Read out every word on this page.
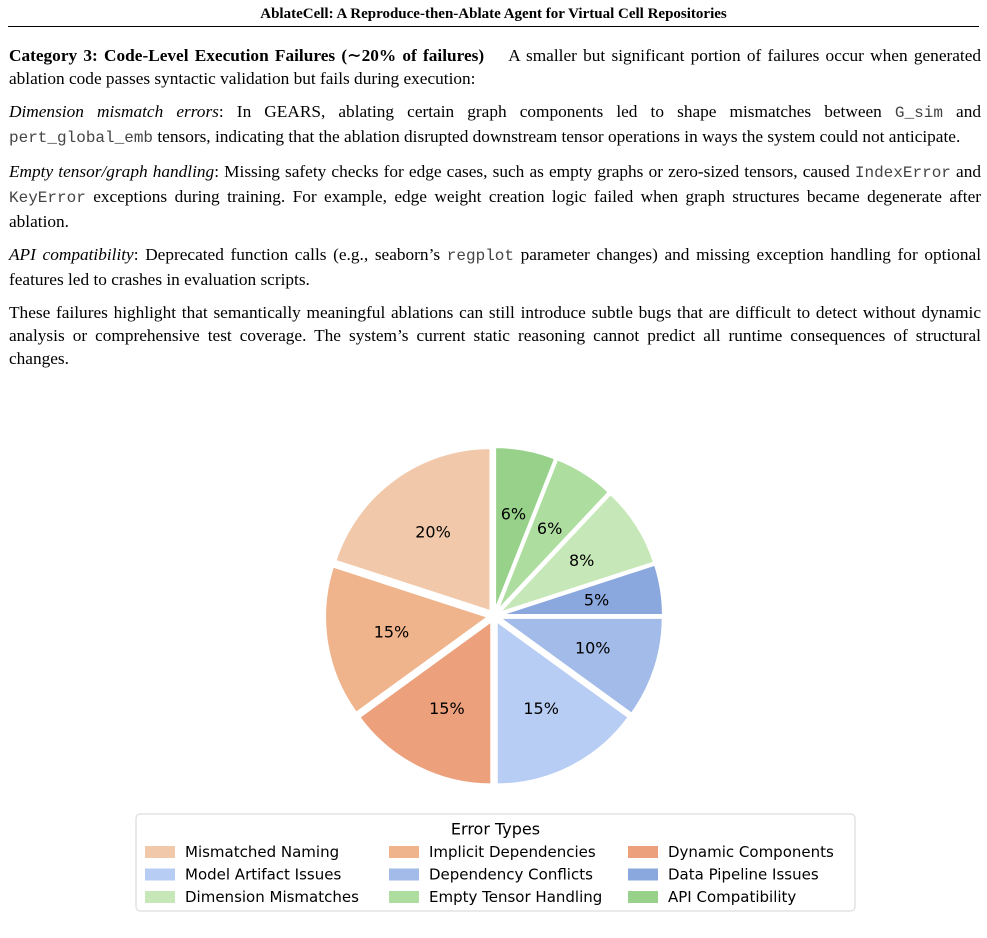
AblateCell: A Reproduce-then-Ablate Agent for Virtual Cell Repositories

Category 3: Code-Level Execution Failures (∼20% of failures) A smaller but significant portion of failures occur when generated ablation code passes syntactic validation but fails during execution:

Dimension mismatch errors: In GEARS, ablating certain graph components led to shape mismatches between G_sim and pert_global_emb tensors, indicating that the ablation disrupted downstream tensor operations in ways the system could not anticipate.

Empty tensor/graph handling: Missing safety checks for edge cases, such as empty graphs or zero-sized tensors, caused IndexError and KeyError exceptions during training. For example, edge weight creation logic failed when graph structures became degenerate after ablation.

API compatibility: Deprecated function calls (e.g., seaborn’s regplot parameter changes) and missing exception handling for optional features led to crashes in evaluation scripts.

These failures highlight that semantically meaningful ablations can still introduce subtle bugs that are difficult to detect without dynamic analysis or comprehensive test coverage. The system’s current static reasoning cannot predict all runtime consequences of structural changes.

6%
6%
8%
5%
10%
15%
15%
15%
20%
Error Types
Mismatched Naming
Model Artifact Issues
Dimension Mismatches
Implicit Dependencies
Dependency Conflicts
Empty Tensor Handling
Dynamic Components
Data Pipeline Issues
API Compatibility
